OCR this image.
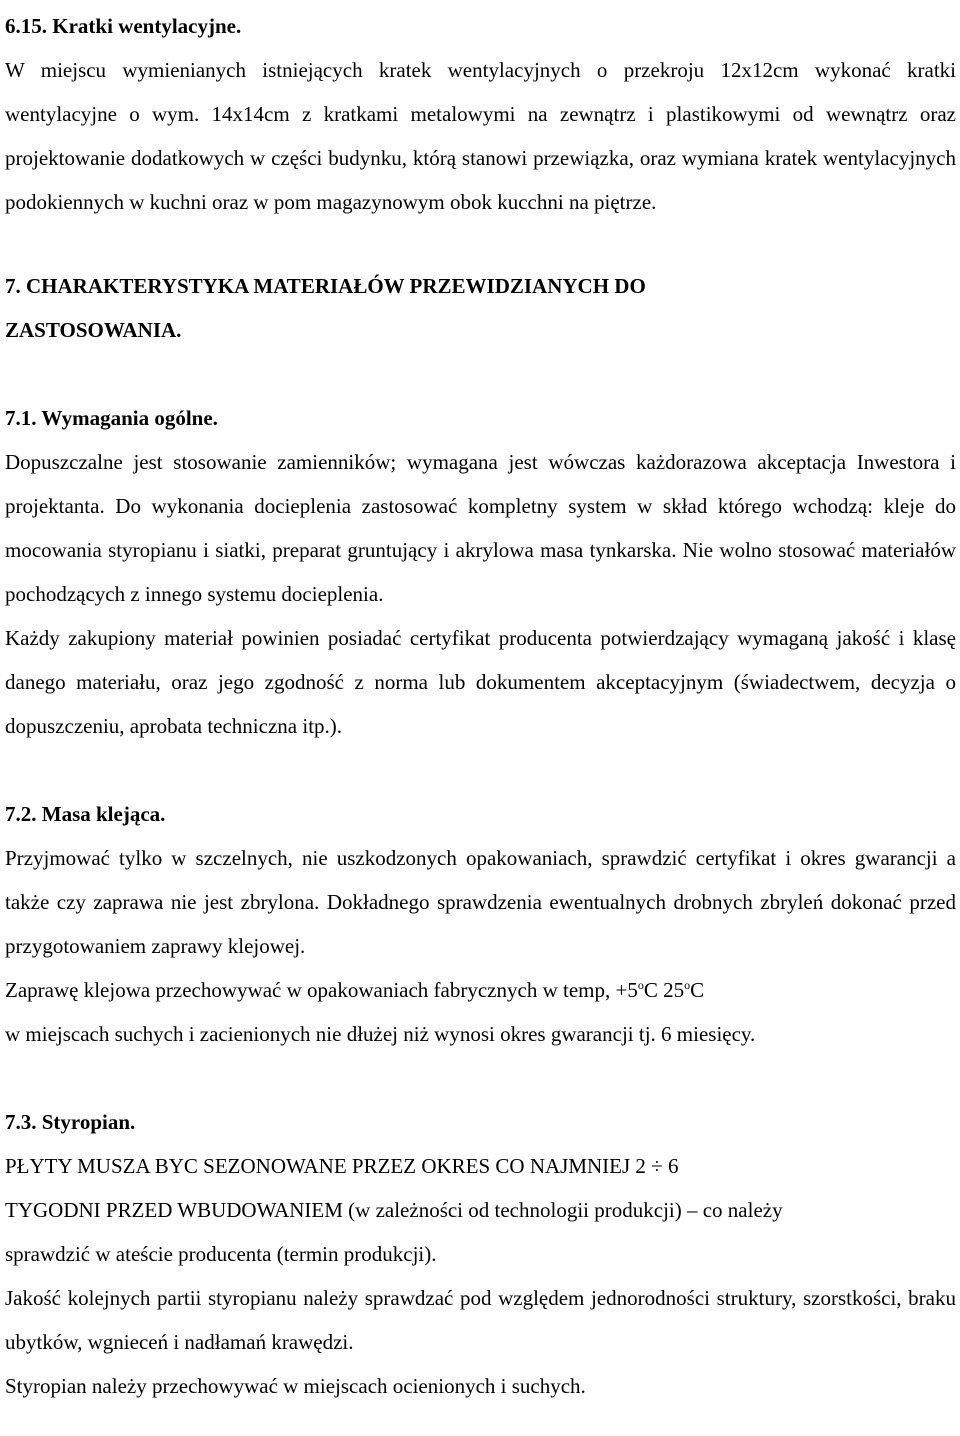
6.15. Kratki wentylacyjne.

W miejscu wymienianych istniejących kratek wentylacyjnych o przekroju 12x12cm wykonać kratki wentylacyjne o wym. 14x14cm z kratkami metalowymi na zewnątrz i plastikowymi od wewnątrz oraz projektowanie dodatkowych w części budynku, którą stanowi przewiązka, oraz wymiana kratek wentylacyjnych podokiennych w kuchni oraz w pom magazynowym obok kucchni na piętrze.

7. CHARAKTERYSTYKA MATERIAŁÓW PRZEWIDZIANYCH DO
ZASTOSOWANIA.
7.1. Wymagania ogólne.

Dopuszczalne jest stosowanie zamienników; wymagana jest wówczas każdorazowa akceptacja Inwestora i projektanta. Do wykonania docieplenia zastosować kompletny system w skład którego wchodzą: kleje do mocowania styropianu i siatki, preparat gruntujący i akrylowa masa tynkarska. Nie wolno stosować materiałów pochodzących z innego systemu docieplenia.

Każdy zakupiony materiał powinien posiadać certyfikat producenta potwierdzający wymaganą jakość i klasę danego materiału, oraz jego zgodność z norma lub dokumentem akceptacyjnym (świadectwem, decyzja o dopuszczeniu, aprobata techniczna itp.).

7.2. Masa klejąca.

Przyjmować tylko w szczelnych, nie uszkodzonych opakowaniach, sprawdzić certyfikat i okres gwarancji a także czy zaprawa nie jest zbrylona. Dokładnego sprawdzenia ewentualnych drobnych zbryleń dokonać przed przygotowaniem zaprawy klejowej.

Zaprawę klejowa przechowywać w opakowaniach fabrycznych w temp, $+5^oC$ 25$^o$C

w miejscach suchych i zacienionych nie dłużej niż wynosi okres gwarancji tj. 6 miesięcy.

7.3. Styropian.

PŁYTY MUSZA BYC SEZONOWANE PRZEZ OKRES CO NAJMNIEJ 2 ÷ 6

TYGODNI PRZED WBUDOWANIEM (w zależności od technologii produkcji) – co należy

sprawdzić w ateście producenta (termin produkcji).

Jakość kolejnych partii styropianu należy sprawdzać pod względem jednorodności struktury, szorstkości, braku ubytków, wgnieceń i nadłamań krawędzi.

Styropian należy przechowywać w miejscach ocienionych i suchych.
